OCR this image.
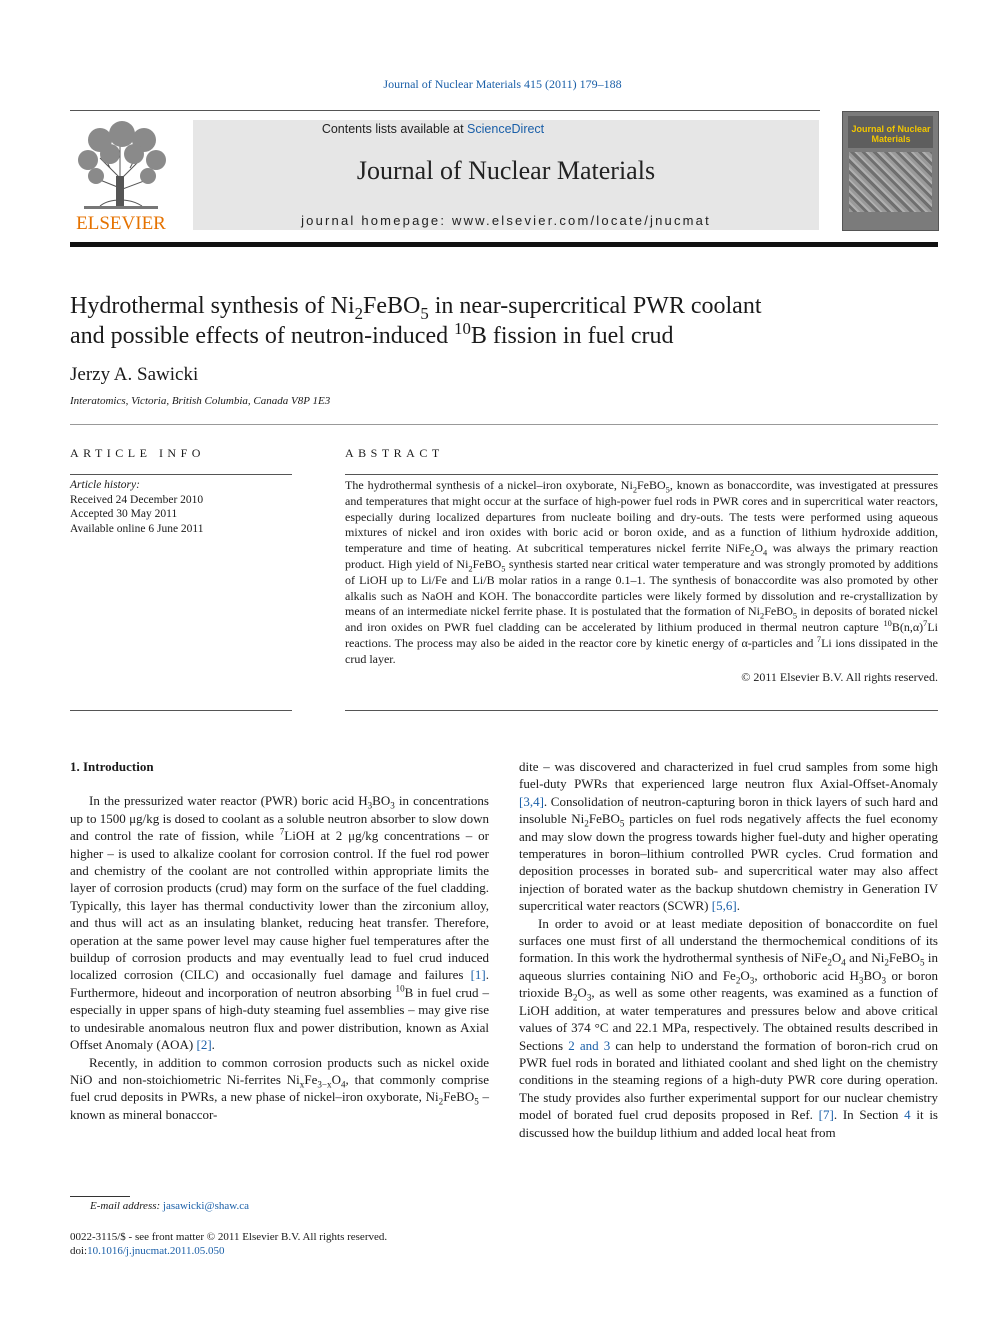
Journal of Nuclear Materials 415 (2011) 179–188
ELSEVIER
Contents lists available at ScienceDirect
Journal of Nuclear Materials
journal homepage: www.elsevier.com/locate/jnucmat
Journal of Nuclear Materials
Hydrothermal synthesis of $Ni_2FeBO_5$ in near-supercritical PWR coolant
and possible effects of neutron-induced $^{10}$B fission in fuel crud
Jerzy A. Sawicki
Interatomics, Victoria, British Columbia, Canada V8P 1E3
ARTICLE INFO
Article history:
Received 24 December 2010
Accepted 30 May 2011
Available online 6 June 2011
ABSTRACT
The hydrothermal synthesis of a nickel–iron oxyborate, $Ni_2FeBO_5$, known as bonaccordite, was investigated at pressures and temperatures that might occur at the surface of high-power fuel rods in PWR cores and in supercritical water reactors, especially during localized departures from nucleate boiling and dry-outs. The tests were performed using aqueous mixtures of nickel and iron oxides with boric acid or boron oxide, and as a function of lithium hydroxide addition, temperature and time of heating. At subcritical temperatures nickel ferrite $NiFe_2O_4$ was always the primary reaction product. High yield of $Ni_2FeBO_5$ synthesis started near critical water temperature and was strongly promoted by additions of LiOH up to Li/Fe and Li/B molar ratios in a range 0.1–1. The synthesis of bonaccordite was also promoted by other alkalis such as NaOH and KOH. The bonaccordite particles were likely formed by dissolution and re-crystallization by means of an intermediate nickel ferrite phase. It is postulated that the formation of $Ni_2FeBO_5$ in deposits of borated nickel and iron oxides on PWR fuel cladding can be accelerated by lithium produced in thermal neutron capture $^{10}B(n,\alpha)^7Li$ reactions. The process may also be aided in the reactor core by kinetic energy of α-particles and $^7$Li ions dissipated in the crud layer.
© 2011 Elsevier B.V. All rights reserved.
1. Introduction

In the pressurized water reactor (PWR) boric acid $H_3BO_3$ in concentrations up to 1500 μg/kg is dosed to coolant as a soluble neutron absorber to slow down and control the rate of fission, while $^7$LiOH at 2 μg/kg concentrations – or higher – is used to alkalize coolant for corrosion control. If the fuel rod power and chemistry of the coolant are not controlled within appropriate limits the layer of corrosion products (crud) may form on the surface of the fuel cladding. Typically, this layer has thermal conductivity lower than the zirconium alloy, and thus will act as an insulating blanket, reducing heat transfer. Therefore, operation at the same power level may cause higher fuel temperatures after the buildup of corrosion products and may eventually lead to fuel crud induced localized corrosion (CILC) and occasionally fuel damage and failures [1]. Furthermore, hideout and incorporation of neutron absorbing $^{10}$B in fuel crud – especially in upper spans of high-duty steaming fuel assemblies – may give rise to undesirable anomalous neutron flux and power distribution, known as Axial Offset Anomaly (AOA) [2].

Recently, in addition to common corrosion products such as nickel oxide NiO and non-stoichiometric Ni-ferrites $Ni_xFe_{3-x}O_4$, that commonly comprise fuel crud deposits in PWRs, a new phase of nickel–iron oxyborate, $Ni_2FeBO_5$ – known as mineral bonaccor-

dite – was discovered and characterized in fuel crud samples from some high fuel-duty PWRs that experienced large neutron flux Axial-Offset-Anomaly [3,4]. Consolidation of neutron-capturing boron in thick layers of such hard and insoluble $Ni_2FeBO_5$ particles on fuel rods negatively affects the fuel economy and may slow down the progress towards higher fuel-duty and higher operating temperatures in boron–lithium controlled PWR cycles. Crud formation and deposition processes in borated sub- and supercritical water may also affect injection of borated water as the backup shutdown chemistry in Generation IV supercritical water reactors (SCWR) [5,6].

In order to avoid or at least mediate deposition of bonaccordite on fuel surfaces one must first of all understand the thermochemical conditions of its formation. In this work the hydrothermal synthesis of $NiFe_2O_4$ and $Ni_2FeBO_5$ in aqueous slurries containing NiO and $Fe_2O_3$, orthoboric acid $H_3BO_3$ or boron trioxide $B_2O_3$, as well as some other reagents, was examined as a function of LiOH addition, at water temperatures and pressures below and above critical values of 374 °C and 22.1 MPa, respectively. The obtained results described in Sections 2 and 3 can help to understand the formation of boron-rich crud on PWR fuel rods in borated and lithiated coolant and shed light on the chemistry conditions in the steaming regions of a high-duty PWR core during operation. The study provides also further experimental support for our nuclear chemistry model of borated fuel crud deposits proposed in Ref. [7]. In Section 4 it is discussed how the buildup lithium and added local heat from

E-mail address: jasawicki@shaw.ca
0022-3115/$ - see front matter © 2011 Elsevier B.V. All rights reserved.
doi:10.1016/j.jnucmat.2011.05.050
